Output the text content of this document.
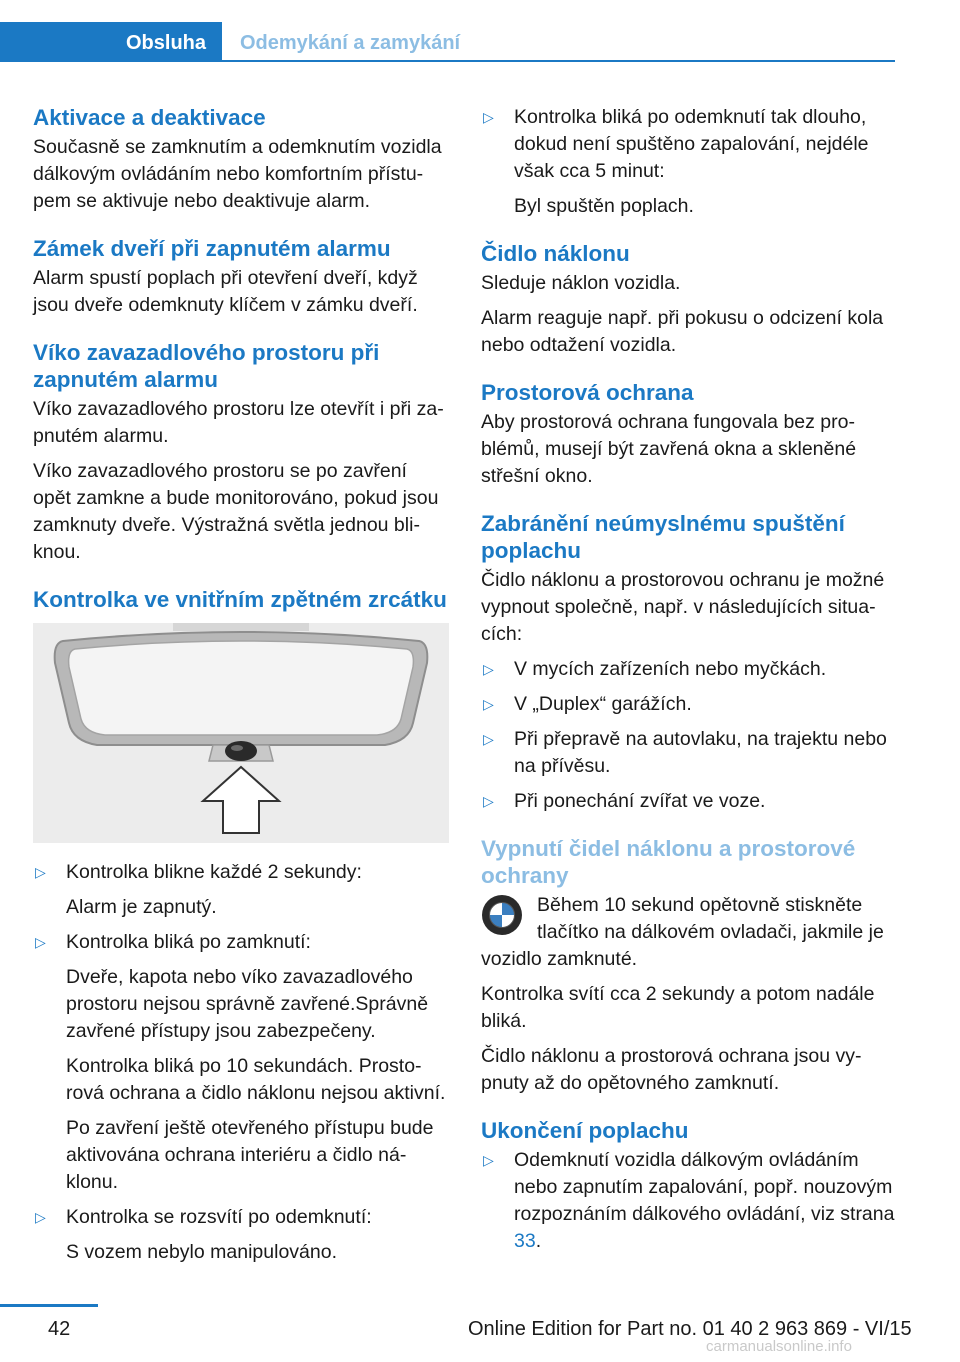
Obsluha	Odemykání a zamykání
Aktivace a deaktivace

Současně se zamknutím a odemknutím vozidla dálkovým ovládáním nebo komfortním přístu-pem se aktivuje nebo deaktivuje alarm.

Zámek dveří při zapnutém alarmu

Alarm spustí poplach při otevření dveří, když jsou dveře odemknuty klíčem v zámku dveří.

Víko zavazadlového prostoru při zapnutém alarmu

Víko zavazadlového prostoru lze otevřít i při za-pnutém alarmu.

Víko zavazadlového prostoru se po zavření opět zamkne a bude monitorováno, pokud jsou zamknuty dveře. Výstražná světla jednou bli-knou.

Kontrolka ve vnitřním zpětném zrcátku
▷ Kontrolka blikne každé 2 sekundy:

Alarm je zapnutý.

▷ Kontrolka bliká po zamknutí:

Dveře, kapota nebo víko zavazadlového prostoru nejsou správně zavřené.Správně zavřené přístupy jsou zabezpečeny.

Kontrolka bliká po 10 sekundách. Prosto-rová ochrana a čidlo náklonu nejsou aktivní.

Po zavření ještě otevřeného přístupu bude aktivována ochrana interiéru a čidlo ná-klonu.

▷ Kontrolka se rozsvítí po odemknutí:

S vozem nebylo manipulováno.

▷ Kontrolka bliká po odemknutí tak dlouho, dokud není spuštěno zapalování, nejdéle však cca 5 minut:

Byl spuštěn poplach.

Čidlo náklonu

Sleduje náklon vozidla.

Alarm reaguje např. při pokusu o odcizení kola nebo odtažení vozidla.

Prostorová ochrana

Aby prostorová ochrana fungovala bez pro-blémů, musejí být zavřená okna a skleněné střešní okno.

Zabránění neúmyslnému spuštění poplachu

Čidlo náklonu a prostorovou ochranu je možné vypnout společně, např. v následujících situa-cích:

▷ V mycích zařízeních nebo myčkách.

▷ V „Duplex“ garážích.

▷ Při přepravě na autovlaku, na trajektu nebo na přívěsu.

▷ Při ponechání zvířat ve voze.

Vypnutí čidel náklonu a prostorové ochrany

Během 10 sekund opětovně stiskněte tlačítko na dálkovém ovladači, jakmile je vozidlo zamknuté.

Kontrolka svítí cca 2 sekundy a potom nadále bliká.

Čidlo náklonu a prostorová ochrana jsou vy-pnuty až do opětovného zamknutí.

Ukončení poplachu
▷ Odemknutí vozidla dálkovým ovládáním nebo zapnutím zapalování, popř. nouzovým rozpoznáním dálkového ovládání, viz strana 33.

42	Online Edition for Part no. 01 40 2 963 869 - VI/15
carmanualsonline.info
